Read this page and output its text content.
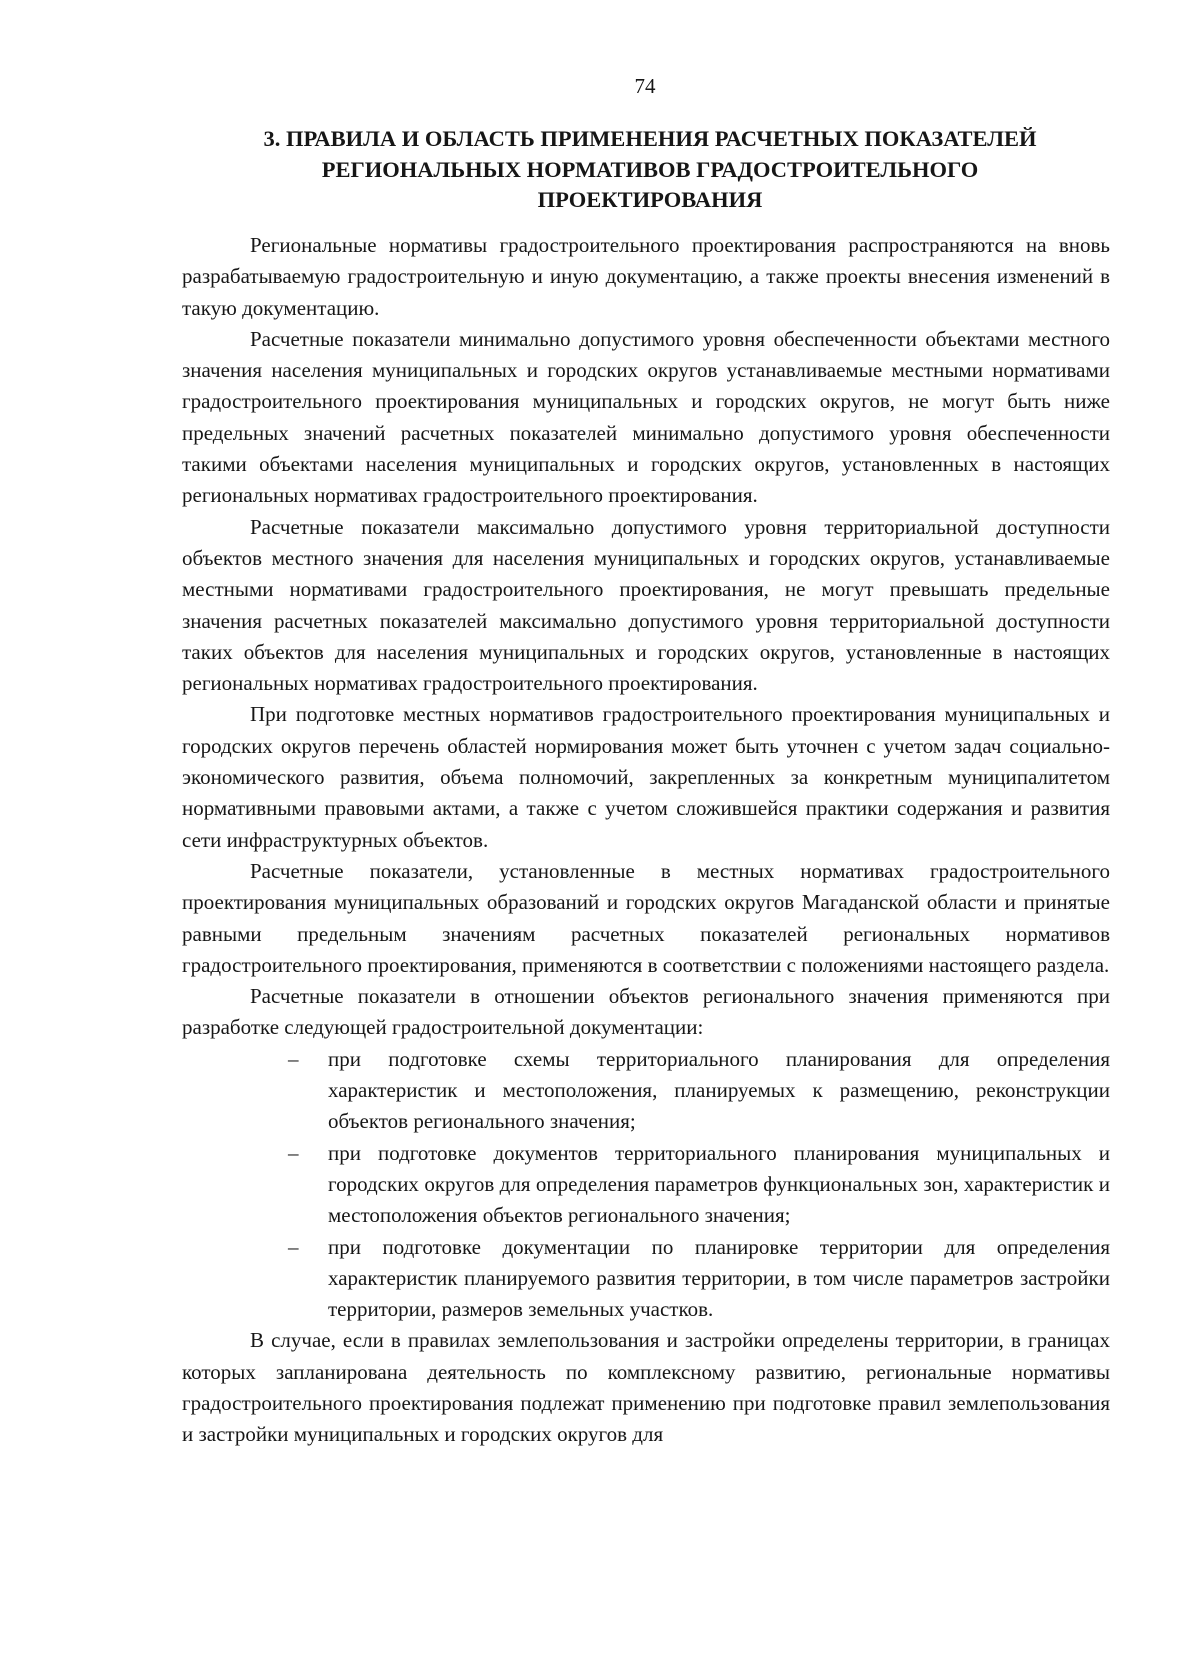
74
3. ПРАВИЛА И ОБЛАСТЬ ПРИМЕНЕНИЯ РАСЧЕТНЫХ ПОКАЗАТЕЛЕЙ
РЕГИОНАЛЬНЫХ НОРМАТИВОВ ГРАДОСТРОИТЕЛЬНОГО
ПРОЕКТИРОВАНИЯ

Региональные нормативы градостроительного проектирования распространяются на вновь разрабатываемую градостроительную и иную документацию, а также проекты внесения изменений в такую документацию.

Расчетные показатели минимально допустимого уровня обеспеченности объектами местного значения населения муниципальных и городских округов устанавливаемые местными нормативами градостроительного проектирования муниципальных и городских округов, не могут быть ниже предельных значений расчетных показателей минимально допустимого уровня обеспеченности такими объектами населения муниципальных и городских округов, установленных в настоящих региональных нормативах градостроительного проектирования.

Расчетные показатели максимально допустимого уровня территориальной доступности объектов местного значения для населения муниципальных и городских округов, устанавливаемые местными нормативами градостроительного проектирования, не могут превышать предельные значения расчетных показателей максимально допустимого уровня территориальной доступности таких объектов для населения муниципальных и городских округов, установленные в настоящих региональных нормативах градостроительного проектирования.

При подготовке местных нормативов градостроительного проектирования муниципальных и городских округов перечень областей нормирования может быть уточнен с учетом задач социально-экономического развития, объема полномочий, закрепленных за конкретным муниципалитетом нормативными правовыми актами, а также с учетом сложившейся практики содержания и развития сети инфраструктурных объектов.

Расчетные показатели, установленные в местных нормативах градостроительного проектирования муниципальных образований и городских округов Магаданской области и принятые равными предельным значениям расчетных показателей региональных нормативов градостроительного проектирования, применяются в соответствии с положениями настоящего раздела.

Расчетные показатели в отношении объектов регионального значения применяются при разработке следующей градостроительной документации:

– при подготовке схемы территориального планирования для определения характеристик и местоположения, планируемых к размещению, реконструкции объектов регионального значения;
– при подготовке документов территориального планирования муниципальных и городских округов для определения параметров функциональных зон, характеристик и местоположения объектов регионального значения;
– при подготовке документации по планировке территории для определения характеристик планируемого развития территории, в том числе параметров застройки территории, размеров земельных участков.

В случае, если в правилах землепользования и застройки определены территории, в границах которых запланирована деятельность по комплексному развитию, региональные нормативы градостроительного проектирования подлежат применению при подготовке правил землепользования и застройки муниципальных и городских округов для
